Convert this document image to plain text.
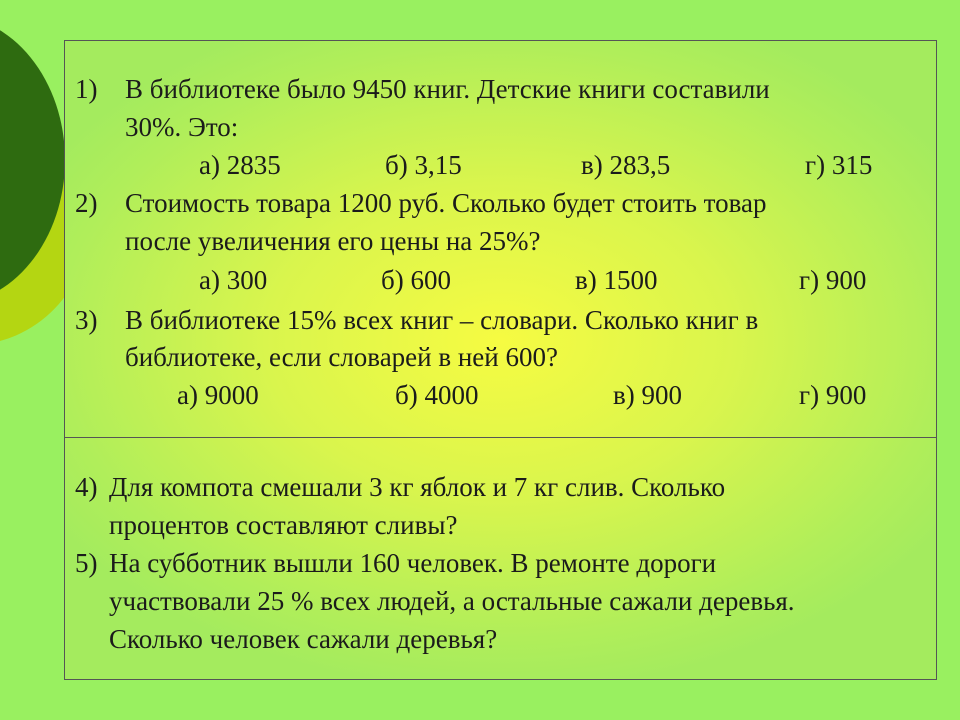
1) В библиотеке было 9450 книг. Детские книги составили
30%. Это:
а) 2835	б) 3,15	в) 283,5	г) 315
2) Стоимость товара 1200 руб. Сколько будет стоить товар
после увеличения его цены на 25%?
а) 300	б) 600	в) 1500	г) 900
3) В библиотеке 15% всех книг – словари. Сколько книг в
библиотеке, если словарей в ней 600?
а) 9000	б) 4000	в) 900	г) 900
4) Для компота смешали 3 кг яблок и 7 кг слив. Сколько
процентов составляют сливы?
5) На субботник вышли 160 человек. В ремонте дороги
участвовали 25 % всех людей, а остальные сажали деревья.
Сколько человек сажали деревья?
